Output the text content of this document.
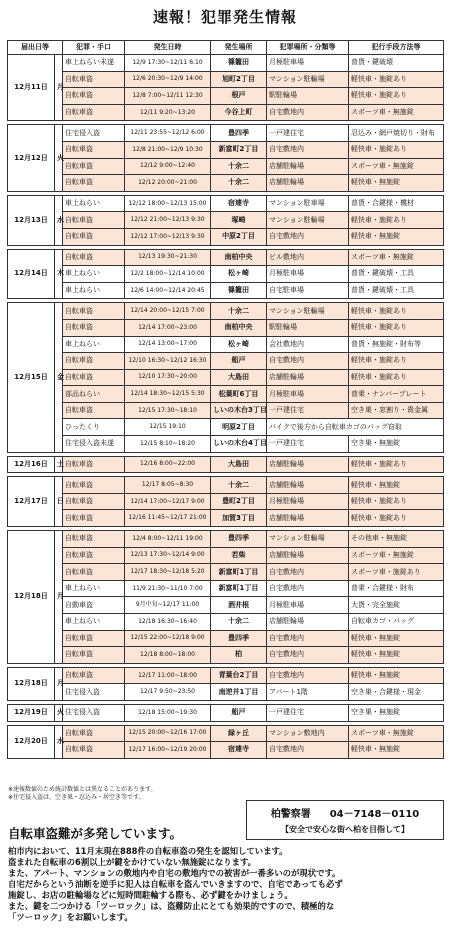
速報！犯罪発生情報
届出日等		犯罪・手口	発生日時	発生場所	犯罪場所・分類等	犯行手段方法等
12月11日	月	車上ねらい未遂	12/9 17:30~12/11 6:10	篠籠田	月極駐車場	普貨・鍵破壊
		自転車盗	12/6 20:30~12/9 14:00	旭町2丁目	マンション駐輪場	軽快車・施錠あり
		自転車盗	12/8 7:00~12/11 12:30	根戸	駅駐輪場	軽快車・施錠あり
		自転車盗	12/11 9:20~13:20	今谷上町	自宅敷地内	スポーツ車・無施錠

12月12日	火	住宅侵入盗	12/11 23:55~12/12 6:00	豊四季	一戸建住宅	忍込み・網戸焼切り・財布
		自転車盗	12/8 21:00~12/9 10:30	新富町2丁目	自宅敷地内	軽快車・施錠あり
		自転車盗	12/12 9:00~12:40	十余二	店舗駐輪場	スポーツ車・無施錠
		自転車盗	12/12 20:00~21:00	十余二	店舗駐輪場	軽快車・無施錠

12月13日	水	車上ねらい	12/12 18:00~12/13 15:00	宿連寺	マンション駐車場	普貨・合鍵様・機材
		自転車盗	12/12 21:00~12/13 9:30	塚崎	マンション駐輪場	軽快車・施錠あり
		自転車盗	12/12 17:00~12/13 9:30	中原2丁目	自宅敷地内	軽快車・無施錠

12月14日	木	自転車盗	12/13 19:30~21:30	南柏中央	ビル敷地内	スポーツ車・無施錠
		車上ねらい	12/2 18:00~12/14 10:00	松ヶ崎	月極駐車場	普貨・鍵破壊・工具
		車上ねらい	12/6 14:00~12/14 20:45	篠籠田	自宅駐車場	普貨・鍵破壊・工具

12月15日	金	自転車盗	12/14 20:00~12/15 7:00	十余二	マンション駐輪場	軽快車・施錠あり
		自転車盗	12/14 17:00~23:00	南柏中央	駅駐輪場	軽快車・施錠あり
		車上ねらい	12/14 13:00~17:00	松ヶ崎	会社敷地内	普貨・無施錠・財布等
		自転車盗	12/10 16:30~12/12 16:30	船戸	自宅敷地内	軽快車・施錠あり
		自転車盗	12/10 17:30~20:00	大島田	店舗駐輪場	軽快車・施錠あり
		部品ねらい	12/14 18:30~12/15 5:30	松葉町6丁目	月極駐車場	普乗・ナンバープレート
		自転車盗	12/15 17:30~18:10	しいの木台3丁目	一戸建住宅	空き巣・窓割り・貴金属
		ひったくり	12/15 19:10	明原2丁目	バイクで後方から自転車カゴのバッグ窃取	
		住宅侵入盗未遂	12/15 8:10~18:20	しいの木台4丁目	一戸建住宅	空き巣・無施錠

12月16日	土	自転車盗	12/16 8:00~22:00	大島田	店舗駐輪場	軽快車・施錠あり

12月17日	日	自転車盗	12/17 8:05~8:30	十余二	店舗駐輪場	軽快車・無施錠
		自転車盗	12/14 17:00~12/17 9:00	豊町2丁目	月極駐輪場	軽快車・施錠あり
		自転車盗	12/16 11:45~12/17 21:00	加賀3丁目	店舗駐輪場	軽快車・施錠あり

12月18日	月	自転車盗	12/4 8:00~12/11 19:00	豊四季	マンション駐輪場	その他車・無施錠
		自転車盗	12/13 17:30~12/14 9:00	若柴	店舗駐輪場	スポーツ車・無施錠
		自転車盗	12/17 18:30~12/18 5:20	新富町1丁目	自宅敷地内	スポーツ車・施錠あり
		車上ねらい	11/9 21:30~11/10 7:00	新富町1丁目	自宅敷地内	普乗・合鍵様・財布
		自動車盗	9月中旬~12/17 11:00	酒井根	月極駐車場	大貨・完全施錠
		車上ねらい	12/18 16:30~16:40	十余二	店舗駐輪場	自転車カゴ・バッグ
		自転車盗	12/15 22:00~12/18 9:00	豊四季	自宅敷地内	軽快車・無施錠
		自転車盗	12/18 8:00~18:00	柏	自宅敷地内	軽快車・無施錠

12月18日	月	自転車盗	12/17 11:00~18:00	青葉台2丁目	自宅敷地内	軽快車・無施錠
		住宅侵入盗	12/17 9:50~23:50	南逆井1丁目	アパート1階	空き巣・合鍵様・現金

12月19日	火	住宅侵入盗	12/18 15:00~19:30	船戸	一戸建住宅	空き巣・無施錠

12月20日	水	自転車盗	12/15 20:00~12/16 17:00	緑ヶ丘	マンション敷地内	スポーツ車・無施錠
		自転車盗	12/17 16:00~12/19 20:00	宿連寺	自宅敷地内	軽快車・無施錠
※速報数値のため統計数値とは異なることがあります。
※住宅侵入盗は、空き巣・忍込み・居空き等です。
柏警察署 04－7148－0110
【安全で安心な街へ柏を目指して】
自転車盗難が多発しています。

柏市内において、11月末現在888件の自転車盗の発生を認知しています。

盗まれた自転車の6割以上が鍵をかけていない無施錠になります。

また、アパート、マンションの敷地内や自宅の敷地内での被害が一番多いのが現状です。

自宅だからという油断を逆手に犯人は自転車を盗んでいきますので、自宅であっても必ず

施錠し、お店の駐輪場などに短時間駐輪する際も、必ず鍵をかけましょう。

また、鍵を二つかける「ツーロック」は、盗難防止にとても効果的ですので、積極的な

「ツーロック」をお願いします。
